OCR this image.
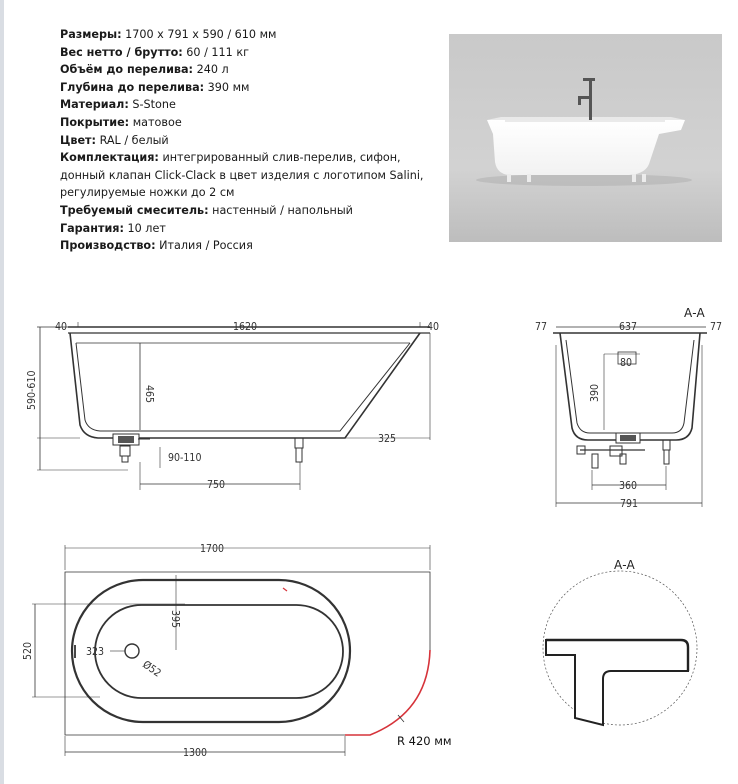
Размеры: 1700 х 791 х 590 / 610 мм
Вес нетто / брутто: 60 / 111 кг
Объём до перелива: 240 л
Глубина до перелива: 390 мм
Материал: S-Stone
Покрытие: матовое
Цвет: RAL / белый
Комплектация: интегрированный слив-перелив, сифон, донный клапан Click-Clack в цвет изделия с логотипом Salini, регулируемые ножки до 2 см
Требуемый смеситель: настенный / напольный
Гарантия: 10 лет
Производство: Италия / Россия
40	1620	40
590-610	465
325
90-110
750
А-А
77	637	77
80
390
360
791
1700
395
520	323
Ø52
1300
А-А
R 420 мм
